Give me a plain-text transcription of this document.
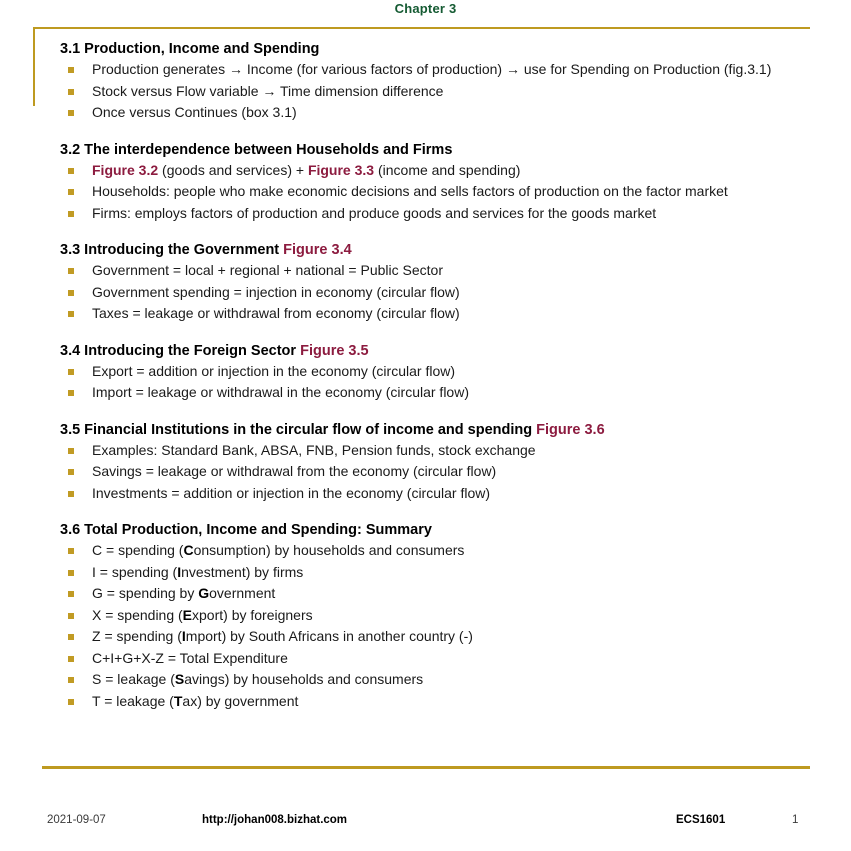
Chapter 3
3.1 Production, Income and Spending
Production generates → Income (for various factors of production) → use for Spending on Production (fig.3.1)
Stock versus Flow variable → Time dimension difference
Once versus Continues (box 3.1)
3.2 The interdependence between Households and Firms
Figure 3.2 (goods and services) + Figure 3.3 (income and spending)
Households: people who make economic decisions and sells factors of production on the factor market
Firms: employs factors of production and produce goods and services for the goods market
3.3 Introducing the Government Figure 3.4
Government = local + regional + national = Public Sector
Government spending = injection in economy (circular flow)
Taxes = leakage or withdrawal from economy (circular flow)
3.4 Introducing the Foreign Sector Figure 3.5
Export = addition or injection in the economy (circular flow)
Import = leakage or withdrawal in the economy (circular flow)
3.5 Financial Institutions in the circular flow of income and spending Figure 3.6
Examples: Standard Bank, ABSA, FNB, Pension funds, stock exchange
Savings = leakage or withdrawal from the economy (circular flow)
Investments = addition or injection in the economy (circular flow)
3.6 Total Production, Income and Spending: Summary
C = spending (Consumption) by households and consumers
I = spending (Investment) by firms
G = spending by Government
X = spending (Export) by foreigners
Z = spending (Import) by South Africans in another country (-)
C+I+G+X-Z = Total Expenditure
S = leakage (Savings) by households and consumers
T = leakage (Tax) by government
2021-09-07	http://johan008.bizhat.com	ECS1601	1
